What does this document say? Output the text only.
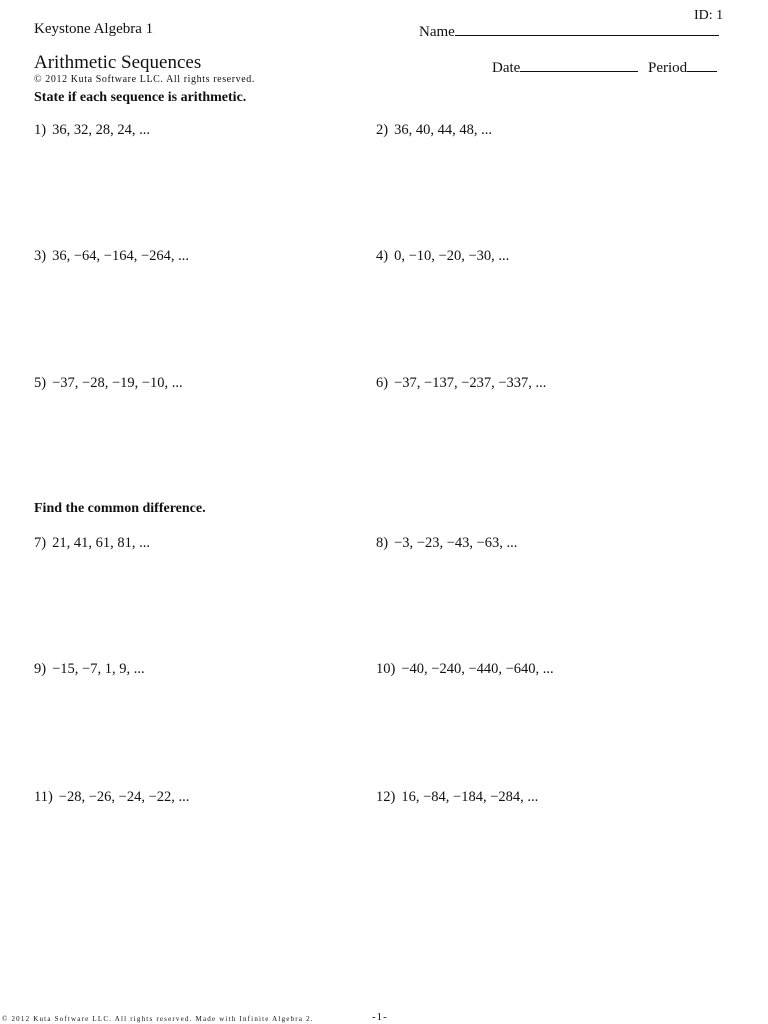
ID: 1
Keystone Algebra 1	Name
Arithmetic Sequences	Date	Period
© 2012 Kuta Software LLC. All rights reserved.
State if each sequence is arithmetic.
1) 36, 32, 28, 24, ...	2) 36, 40, 44, 48, ...
3) 36, −64, −164, −264, ...	4) 0, −10, −20, −30, ...
5) −37, −28, −19, −10, ...	6) −37, −137, −237, −337, ...
Find the common difference.
7) 21, 41, 61, 81, ...	8) −3, −23, −43, −63, ...
9) −15, −7, 1, 9, ...	10) −40, −240, −440, −640, ...
11) −28, −26, −24, −22, ...	12) 16, −84, −184, −284, ...
© 2012 Kuta Software LLC. All rights reserved. Made with Infinite Algebra 2.	-1-
